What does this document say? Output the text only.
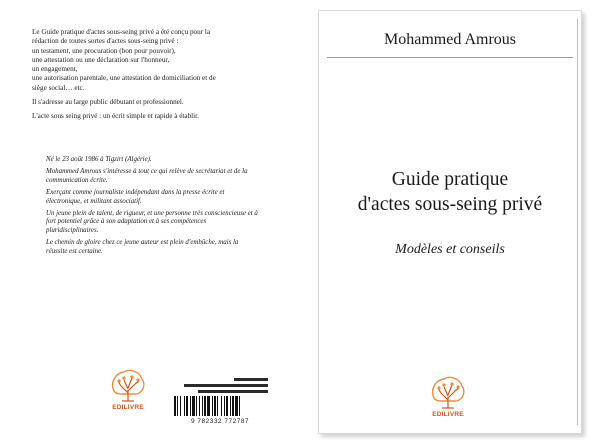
Le Guide pratique d'actes sous-seing privé a été conçu pour la
rédaction de toutes sortes d'actes sous-seing privé :
un testament, une procuration (bon pour pouvoir),
une attestation ou une déclaration sur l'honneur,
un engagement,
une autorisation parentale, une attestation de domiciliation et de
siège social… etc.

Il s'adresse au large public débutant et professionnel.

L'acte sous seing privé : un écrit simple et rapide à établir.

Né le 23 août 1986 à Tigzirt (Algérie).

Mohammed Amrous s'intéresse à tout ce qui relève de secrétariat et de la communication écrite.

Exerçant comme journaliste indépendant dans la presse écrite et électronique, et militant associatif.

Un jeune plein de talent, de rigueur, et une personne très consciencieuse et à fort potentiel grâce à son adaptation et à ses compétences pluridisciplinaires.

Le chemin de gloire chez ce jeune auteur est plein d'embûche, mais la réussite est certaine.

EDILIVRE
9 782332 772787
Mohammed Amrous
Guide pratique
d'actes sous-seing privé
Modèles et conseils
EDILIVRE
